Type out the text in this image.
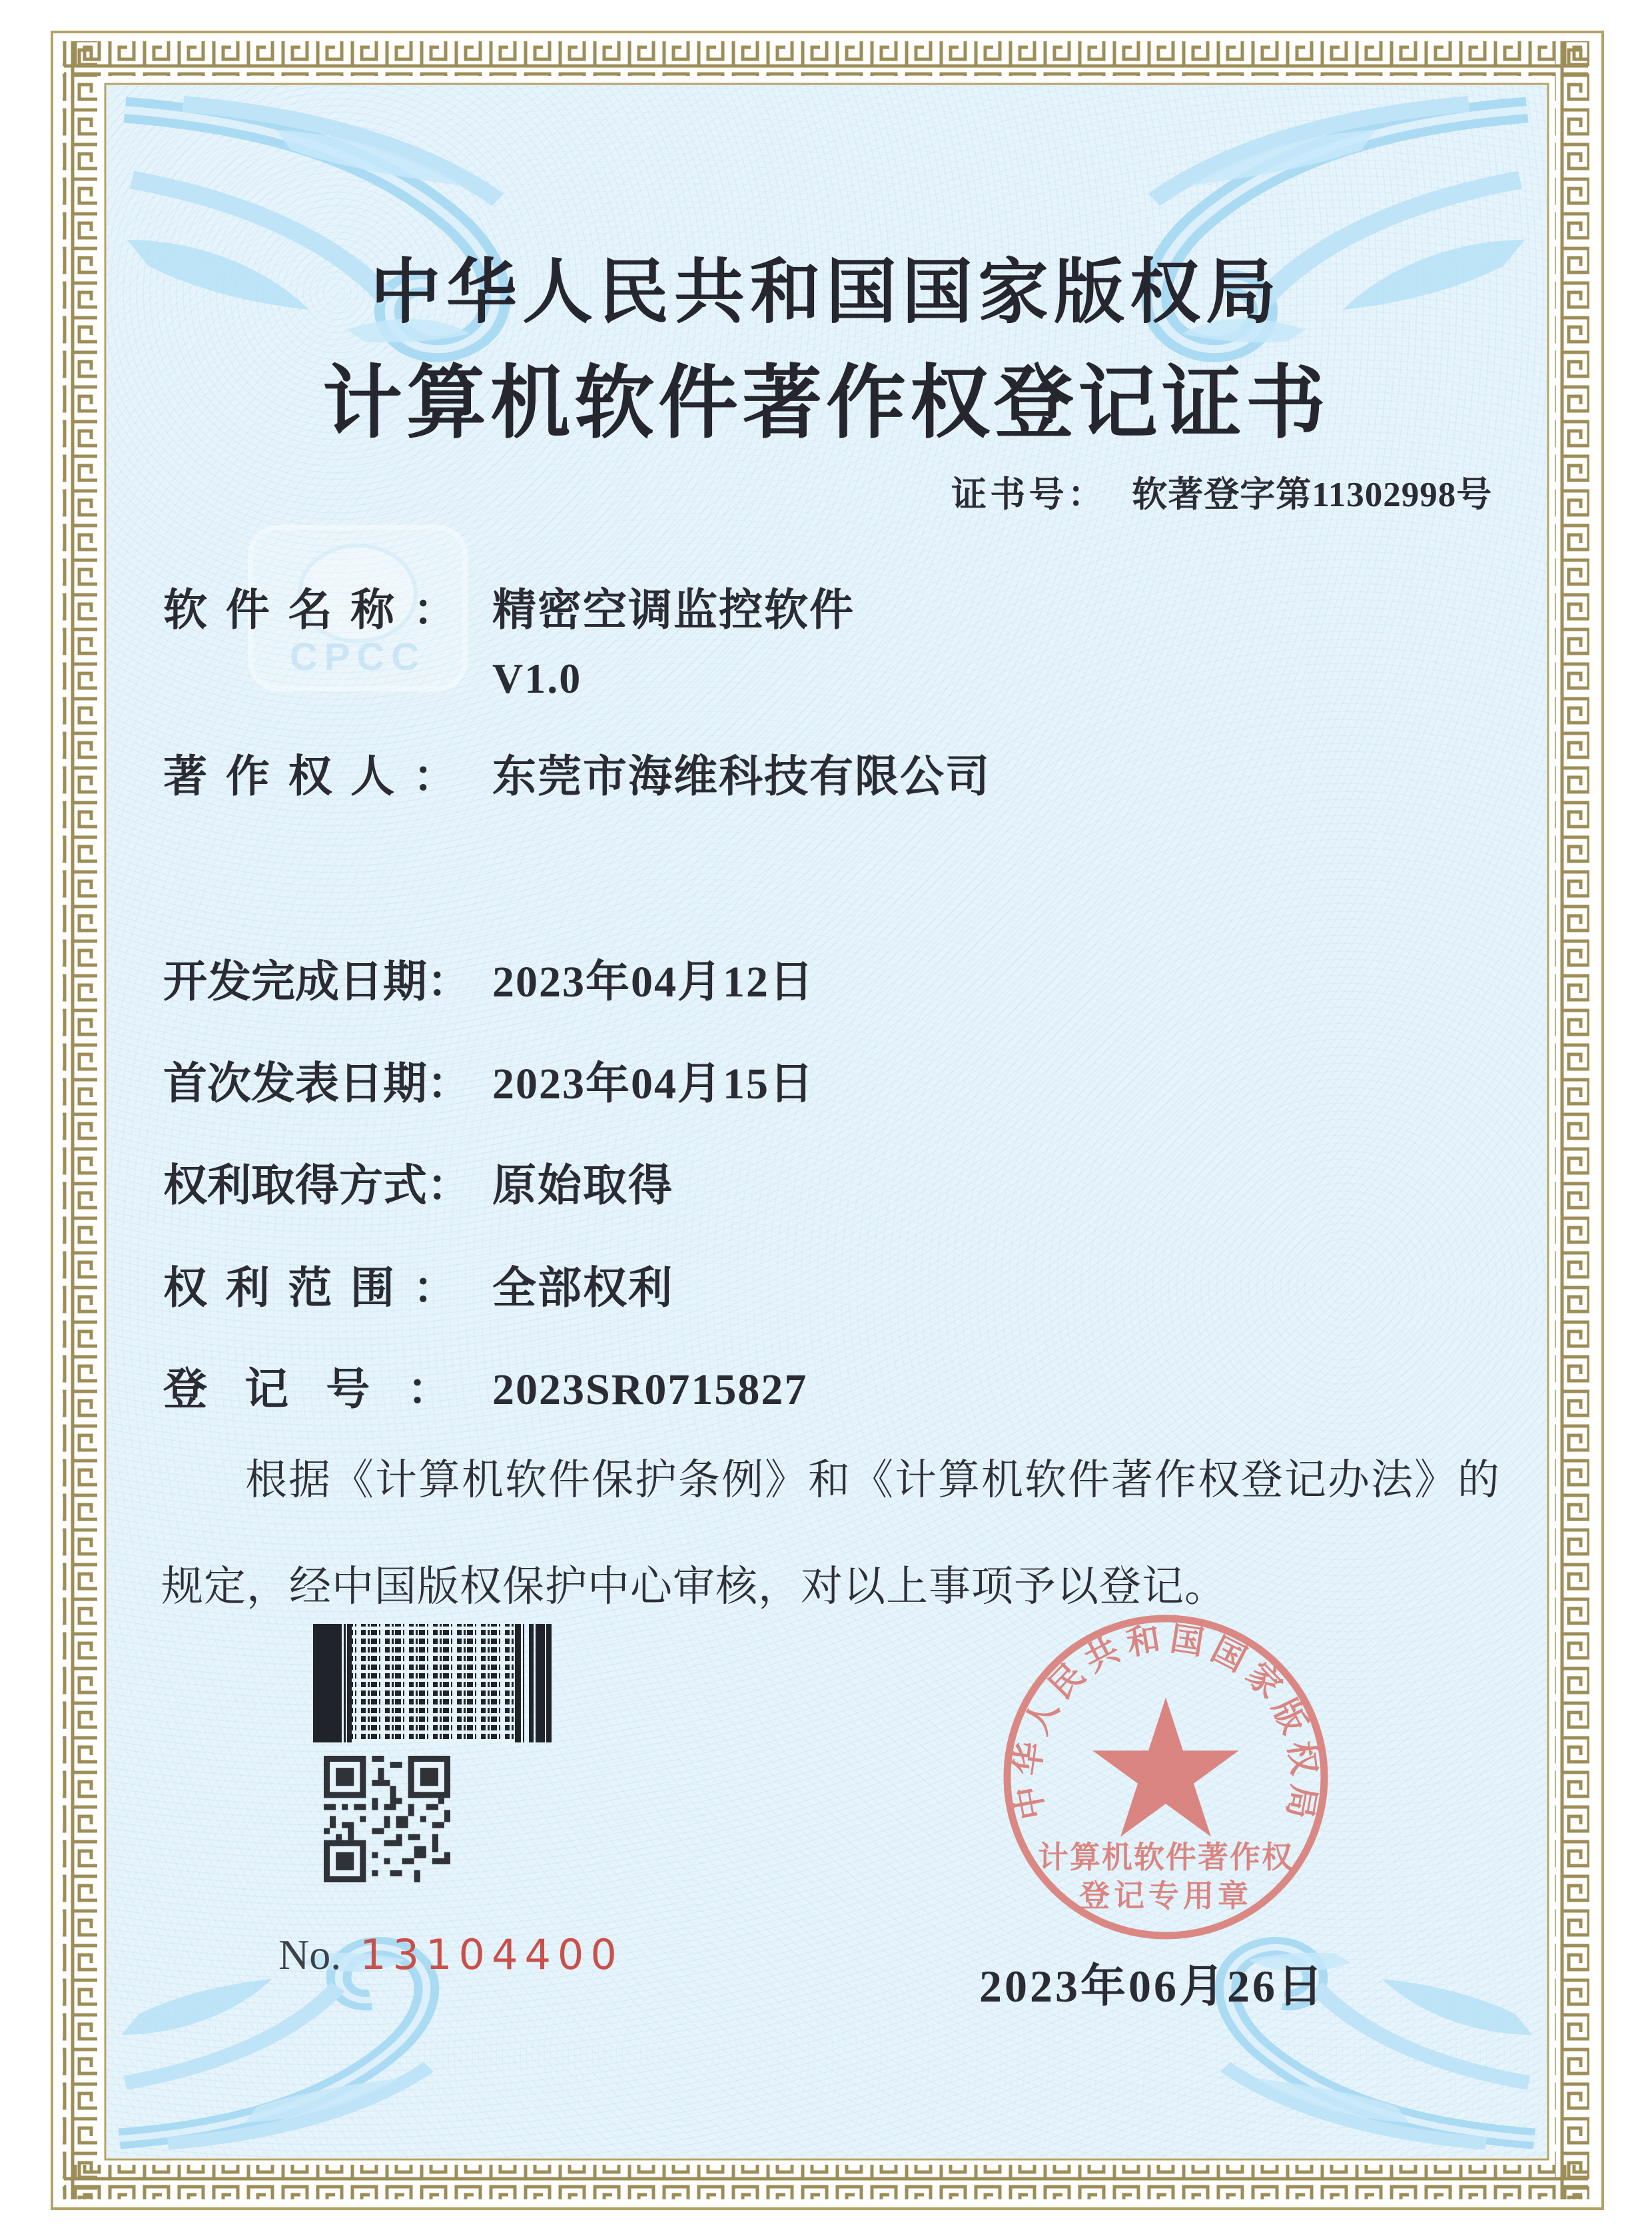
CPCC
中华人民共和国国家版权局
计算机软件著作权登记证书
证书号： 软著登字第11302998号
软件名称： 精密空调监控软件
V1.0
著作权人： 东莞市海维科技有限公司
开发完成日期： 2023年04月12日
首次发表日期： 2023年04月15日
权利取得方式： 原始取得
权利范围： 全部权利
登记号：2023SR0715827
根据《计算机软件保护条例》和《计算机软件著作权登记办法》的规定，经中国版权保护中心审核，对以上事项予以登记。
No. 13104400
中华人民共和国国家版权局
计算机软件著作权
登记专用章
2023年06月26日
